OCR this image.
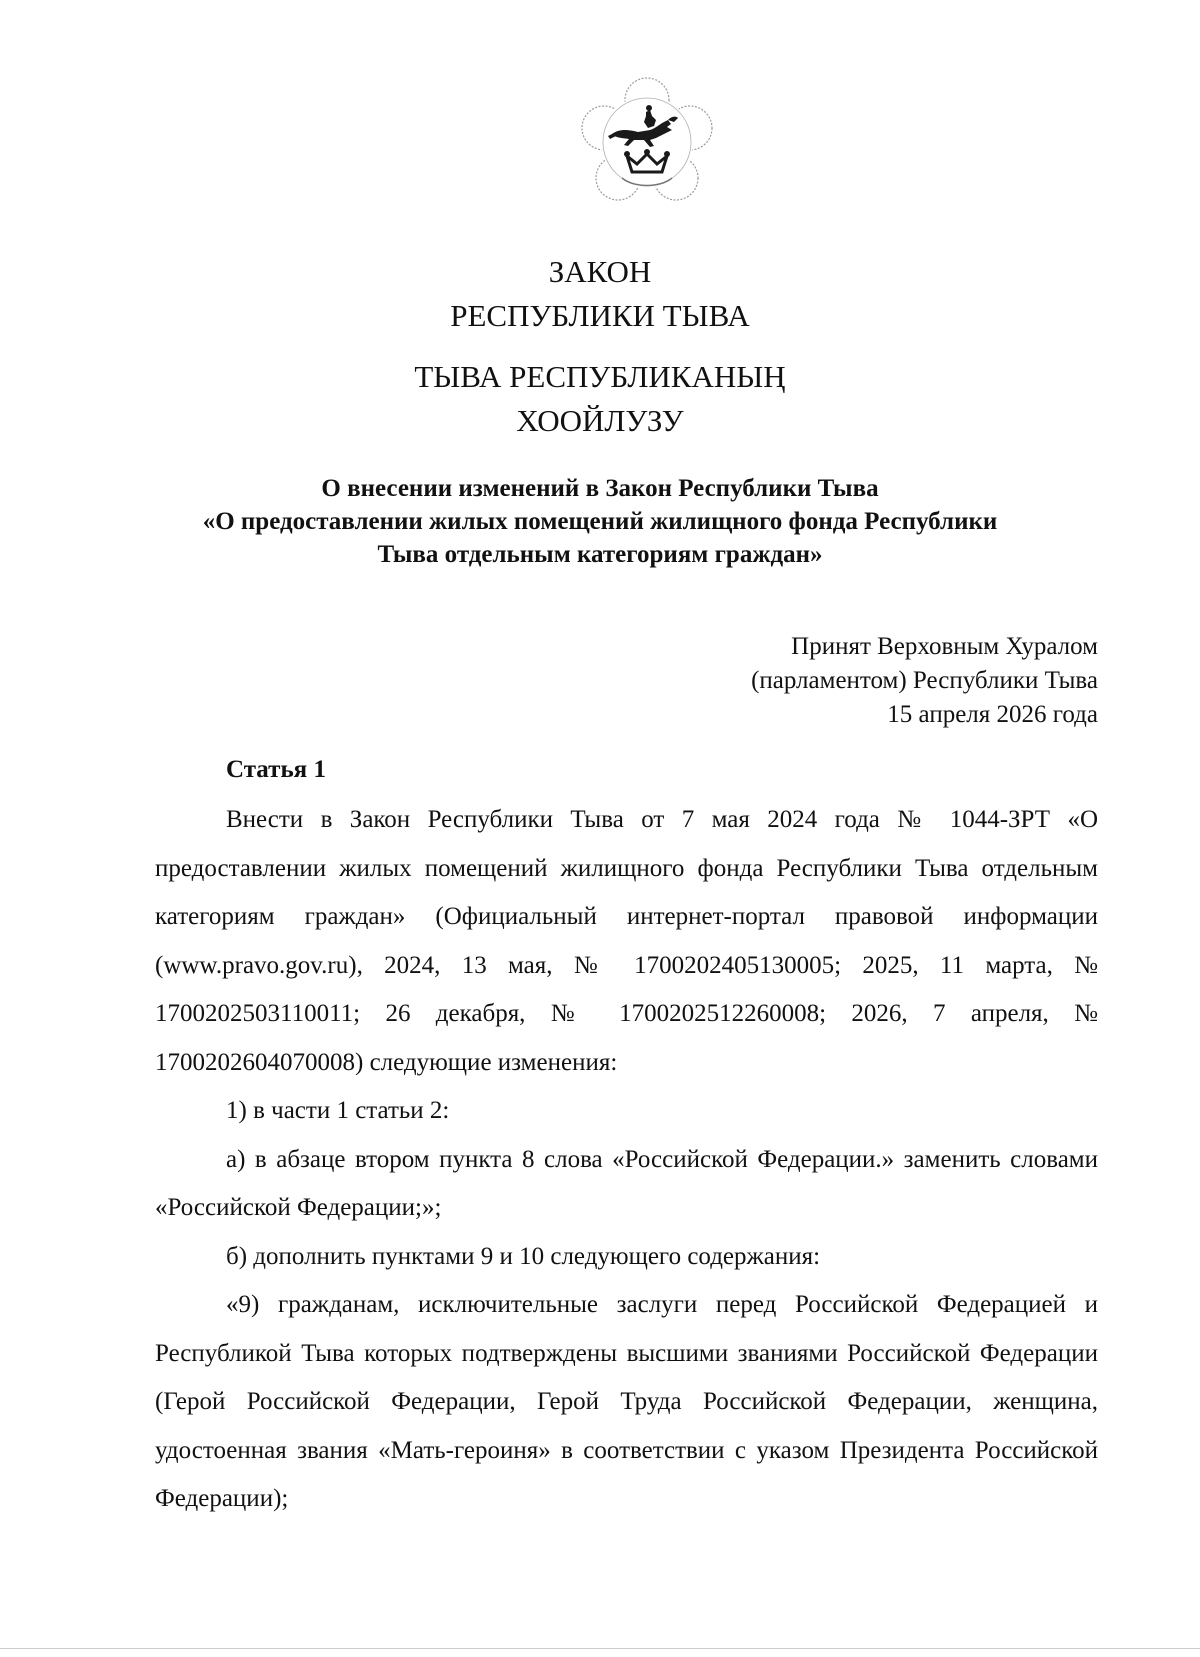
ЗАКОН
РЕСПУБЛИКИ ТЫВА
ТЫВА РЕСПУБЛИКАНЫҢ
ХООЙЛУЗУ
О внесении изменений в Закон Республики Тыва
«О предоставлении жилых помещений жилищного фонда Республики
Тыва отдельным категориям граждан»
Принят Верховным Хуралом
(парламентом) Республики Тыва
15 апреля 2026 года
Статья 1

Внести в Закон Республики Тыва от 7 мая 2024 года № 1044-ЗРТ «О предоставлении жилых помещений жилищного фонда Республики Тыва отдельным категориям граждан» (Официальный интернет-портал правовой информации (www.pravo.gov.ru), 2024, 13 мая, № 1700202405130005; 2025, 11 марта, № 1700202503110011; 26 декабря, № 1700202512260008; 2026, 7 апреля, № 1700202604070008) следующие изменения:

1) в части 1 статьи 2:

а) в абзаце втором пункта 8 слова «Российской Федерации.» заменить словами «Российской Федерации;»;

б) дополнить пунктами 9 и 10 следующего содержания:

«9) гражданам, исключительные заслуги перед Российской Федерацией и Республикой Тыва которых подтверждены высшими званиями Российской Федерации (Герой Российской Федерации, Герой Труда Российской Федерации, женщина, удостоенная звания «Мать-героиня» в соответствии с указом Президента Российской Федерации);
